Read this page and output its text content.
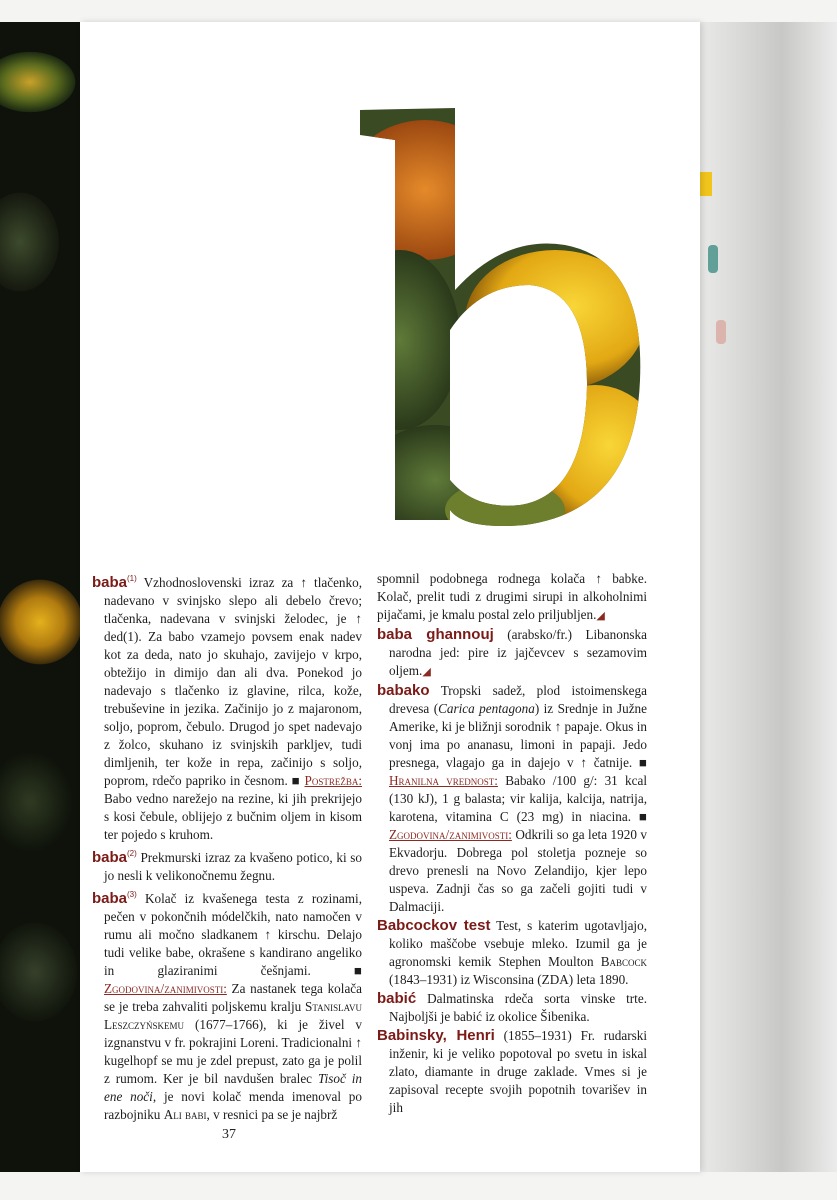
baba$^{(1)}$ Vzhodnoslovenski izraz za ↑ tlačenko, nadevano v svinjsko slepo ali debelo črevo; tlačenka, nadevana v svinjski želodec, je ↑ ded(1). Za babo vzamejo povsem enak nadev kot za deda, nato jo skuhajo, zavijejo v krpo, obtežijo in dimijo dan ali dva. Ponekod jo nadevajo s tlačenko iz glavine, rilca, kože, trebuševine in jezika. Začinijo jo z majaronom, soljo, poprom, čebulo. Drugod jo spet nadevajo z žolco, skuhano iz svinjskih parkljev, tudi dimljenih, ter kože in repa, začinijo s soljo, poprom, rdečo papriko in česnom. ■ Postrežba: Babo vedno narežejo na rezine, ki jih prekrijejo s kosi čebule, oblijejo z bučnim oljem in kisom ter pojedo s kruhom.

baba$^{(2)}$ Prekmurski izraz za kvašeno potico, ki so jo nesli k velikonočnemu žegnu.

baba$^{(3)}$ Kolač iz kvašenega testa z rozinami, pečen v pokončnih módelčkih, nato namočen v rumu ali močno sladkanem ↑ kirschu. Delajo tudi velike babe, okrašene s kandirano angeliko in glaziranimi češnjami. ■ Zgodovina/zanimivosti: Za nastanek tega kolača se je treba zahvaliti poljskemu kralju Stanislavu Leszczyńskemu (1677–1766), ki je živel v izgnanstvu v fr. pokrajini Loreni. Tradicionalni ↑ kugelhopf se mu je zdel prepust, zato ga je polil z rumom. Ker je bil navdušen bralec Tisoč in ene noči, je novi kolač menda imenoval po razbojniku Ali babi, v resnici pa se je najbrž

spomnil podobnega rodnega kolača ↑ babke. Kolač, prelit tudi z drugimi sirupi in alkoholnimi pijačami, je kmalu postal zelo priljubljen.◢

baba ghannouj (arabsko/fr.) Libanonska narodna jed: pire iz jajčevcev s sezamovim oljem.◢

babako Tropski sadež, plod istoimenskega drevesa (Carica pentagona) iz Srednje in Južne Amerike, ki je bližnji sorodnik ↑ papaje. Okus in vonj ima po ananasu, limoni in papaji. Jedo presnega, vlagajo ga in dajejo v ↑ čatnije. ■ Hranilna vrednost: Babako /100 g/: 31 kcal (130 kJ), 1 g balasta; vir kalija, kalcija, natrija, karotena, vitamina C (23 mg) in niacina. ■ Zgodovina/zanimivosti: Odkrili so ga leta 1920 v Ekvadorju. Dobrega pol stoletja pozneje so drevo prenesli na Novo Zelandijo, kjer lepo uspeva. Zadnji čas so ga začeli gojiti tudi v Dalmaciji.

Babcockov test Test, s katerim ugotavljajo, koliko maščobe vsebuje mleko. Izumil ga je agronomski kemik Stephen Moulton Babcock (1843–1931) iz Wisconsina (ZDA) leta 1890.

babić Dalmatinska rdeča sorta vinske trte. Najboljši je babić iz okolice Šibenika.

Babinsky, Henri (1855–1931) Fr. rudarski inženir, ki je veliko popotoval po svetu in iskal zlato, diamante in druge zaklade. Vmes si je zapisoval recepte svojih popotnih tovarišev in jih

37
